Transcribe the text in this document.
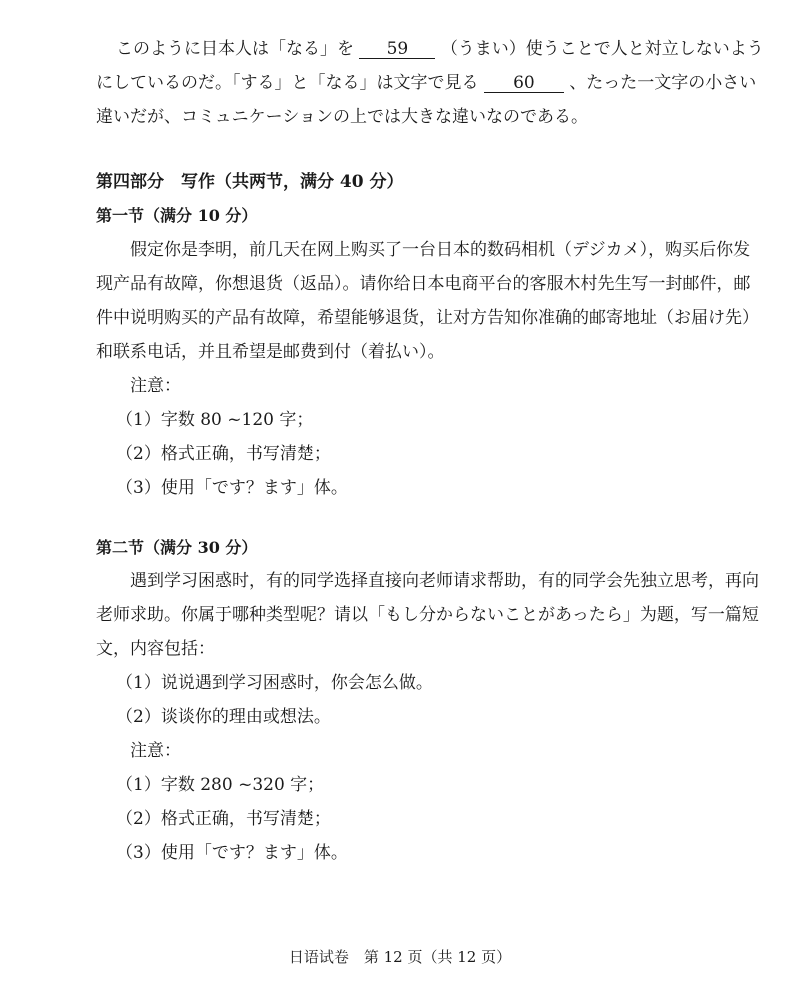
このように日本人は「なる」を 59 （うまい）使うことで人と対立しないよう
にしているのだ。「する」と「なる」は文字で見る 60 、たった一文字の小さい
違いだが、コミュニケーションの上では大きな違いなのである。
第四部分　写作（共两节，满分 40 分）
第一节（满分 10 分）
假定你是李明，前几天在网上购买了一台日本的数码相机（デジカメ），购买后你发
现产品有故障，你想退货（返品）。请你给日本电商平台的客服木村先生写一封邮件，邮
件中说明购买的产品有故障，希望能够退货，让对方告知你准确的邮寄地址（お届け先）
和联系电话，并且希望是邮费到付（着払い）。
注意：
（1）字数 80 ~120 字；
（2）格式正确，书写清楚；
（3）使用「です？ます」体。
第二节（满分 30 分）
遇到学习困惑时，有的同学选择直接向老师请求帮助，有的同学会先独立思考，再向
老师求助。你属于哪种类型呢？请以「もし分からないことがあったら」为题，写一篇短
文，内容包括：
（1）说说遇到学习困惑时，你会怎么做。
（2）谈谈你的理由或想法。
注意：
（1）字数 280 ~320 字；
（2）格式正确，书写清楚；
（3）使用「です？ます」体。
日语试卷　第 12 页（共 12 页）
